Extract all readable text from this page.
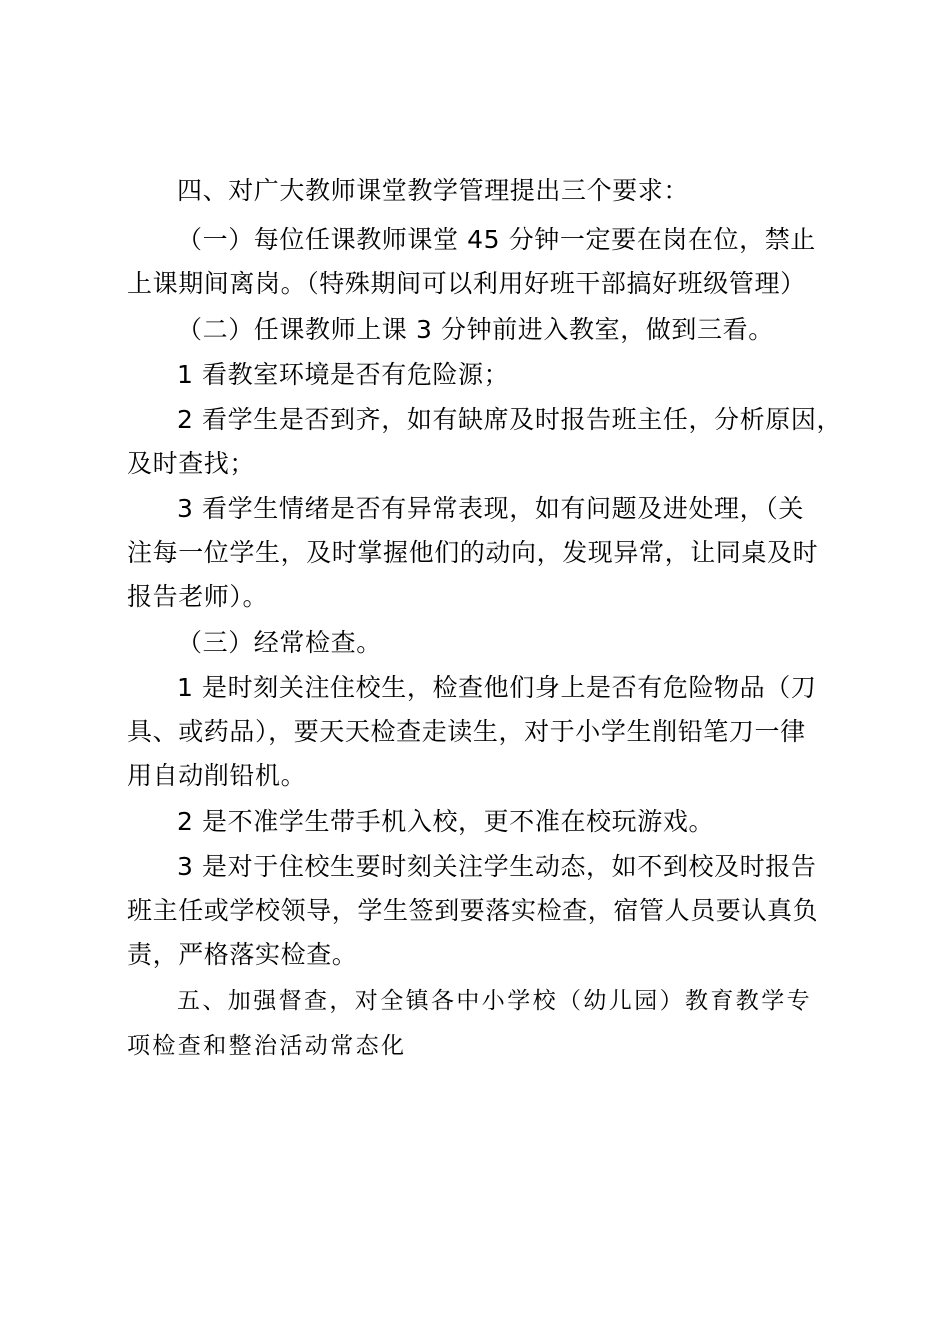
四、对广大教师课堂教学管理提出三个要求：
（一）每位任课教师课堂 45 分钟一定要在岗在位，禁止
上课期间离岗。（特殊期间可以利用好班干部搞好班级管理）
（二）任课教师上课 3 分钟前进入教室，做到三看。
1 看教室环境是否有危险源；
2 看学生是否到齐，如有缺席及时报告班主任，分析原因，
及时查找；
3 看学生情绪是否有异常表现，如有问题及进处理，（关
注每一位学生，及时掌握他们的动向，发现异常，让同桌及时
报告老师）。
（三）经常检查。
1 是时刻关注住校生，检查他们身上是否有危险物品（刀
具、或药品），要天天检查走读生，对于小学生削铅笔刀一律
用自动削铅机。
2 是不准学生带手机入校，更不准在校玩游戏。
3 是对于住校生要时刻关注学生动态，如不到校及时报告
班主任或学校领导，学生签到要落实检查，宿管人员要认真负
责，严格落实检查。
五、加强督查，对全镇各中小学校（幼儿园）教育教学专
项检查和整治活动常态化
